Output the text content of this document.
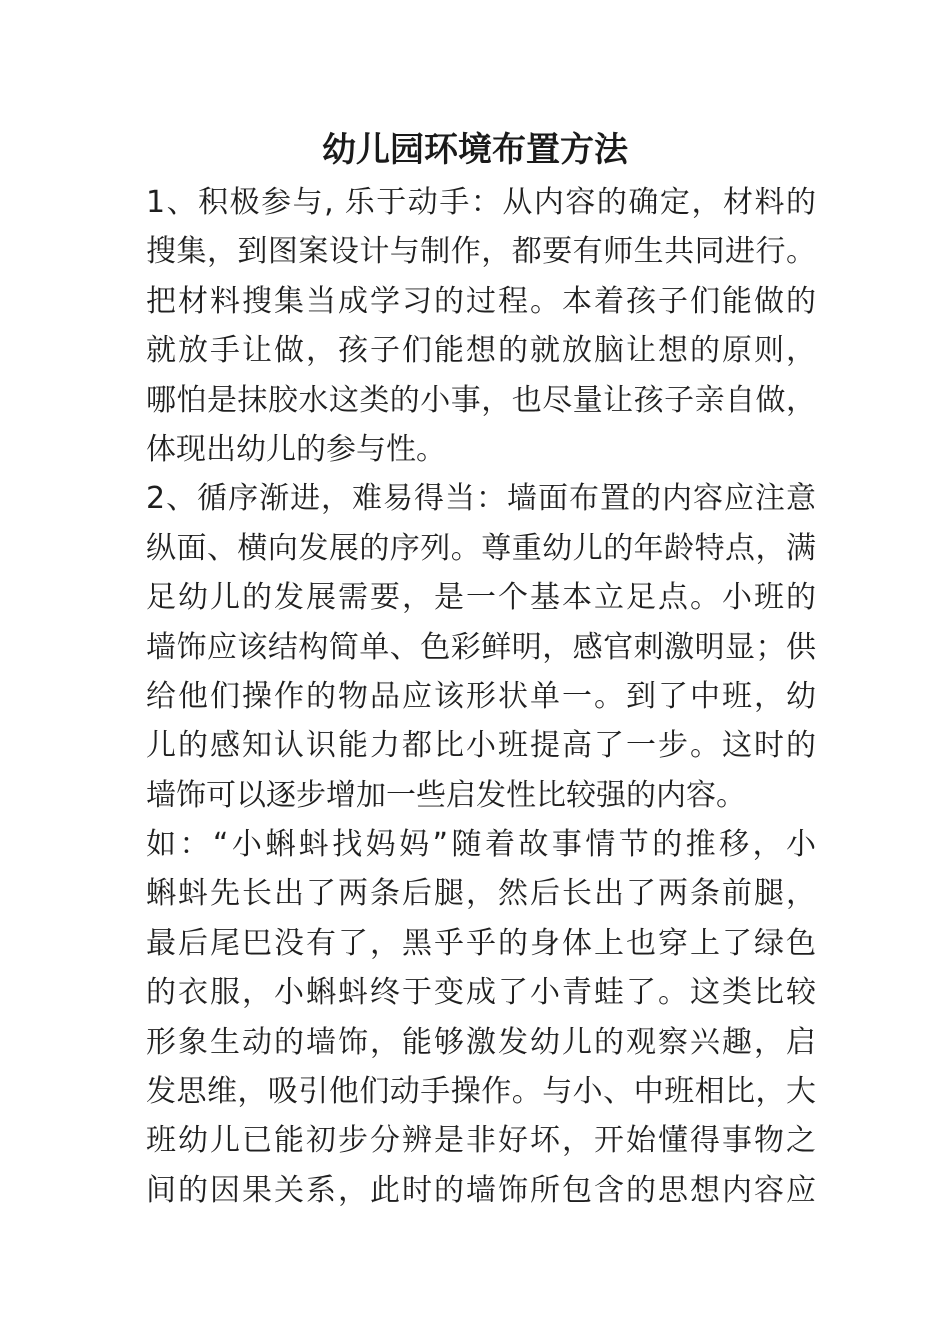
幼儿园环境布置方法
1、积极参与, 乐于动手：从内容的确定，材料的
搜集，到图案设计与制作，都要有师生共同进行。
把材料搜集当成学习的过程。本着孩子们能做的
就放手让做，孩子们能想的就放脑让想的原则，
哪怕是抹胶水这类的小事，也尽量让孩子亲自做，
体现出幼儿的参与性。
2、循序渐进，难易得当：墙面布置的内容应注意
纵面、横向发展的序列。尊重幼儿的年龄特点，满
足幼儿的发展需要，是一个基本立足点。小班的
墙饰应该结构简单、色彩鲜明，感官刺激明显；供
给他们操作的物品应该形状单一。到了中班，幼
儿的感知认识能力都比小班提高了一步。这时的
墙饰可以逐步增加一些启发性比较强的内容。
如：“小蝌蚪找妈妈”随着故事情节的推移，小
蝌蚪先长出了两条后腿，然后长出了两条前腿，
最后尾巴没有了，黑乎乎的身体上也穿上了绿色
的衣服，小蝌蚪终于变成了小青蛙了。这类比较
形象生动的墙饰，能够激发幼儿的观察兴趣，启
发思维，吸引他们动手操作。与小、中班相比，大
班幼儿已能初步分辨是非好坏，开始懂得事物之
间的因果关系，此时的墙饰所包含的思想内容应
